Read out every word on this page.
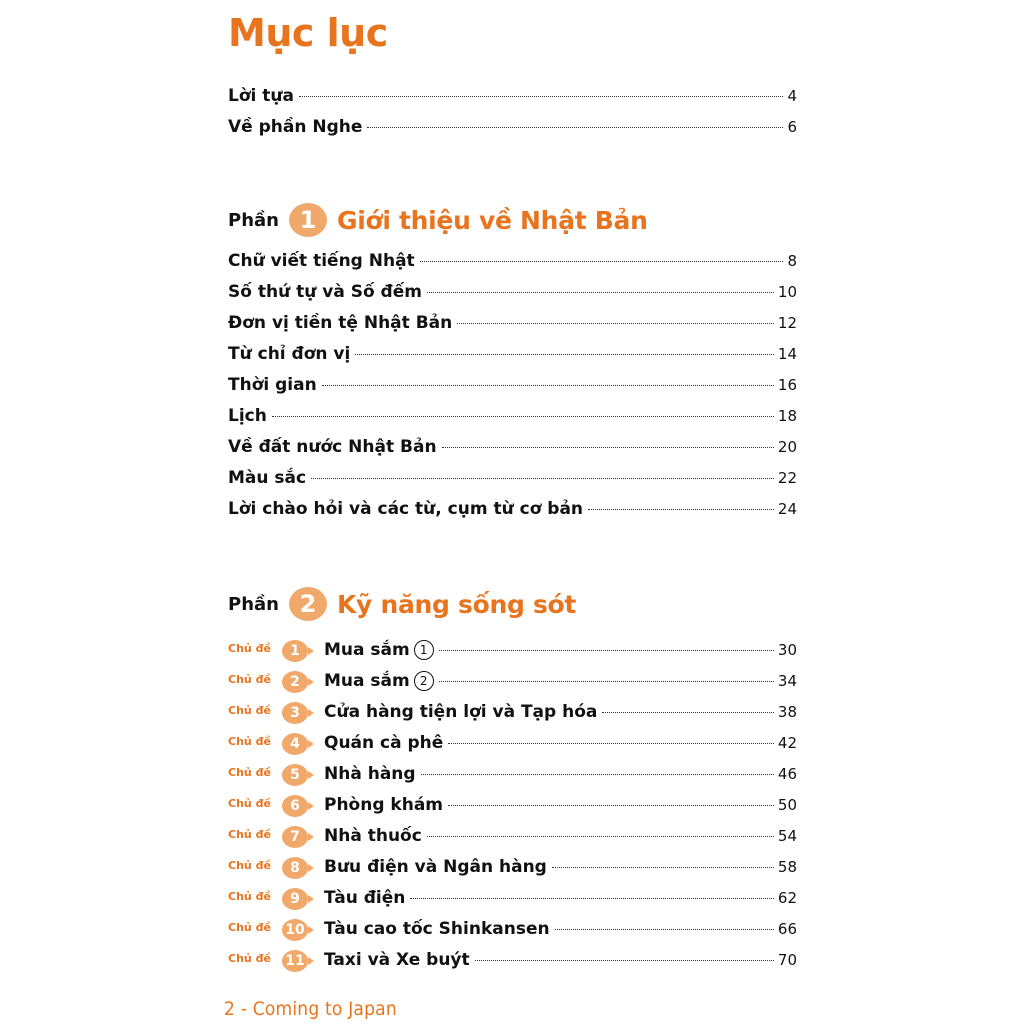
Mục lục
Lời tựa	4
Về phần Nghe	6
Phần 1 Giới thiệu về Nhật Bản
Chữ viết tiếng Nhật	8
Số thứ tự và Số đếm	10
Đơn vị tiền tệ Nhật Bản	12
Từ chỉ đơn vị	14
Thời gian	16
Lịch	18
Về đất nước Nhật Bản	20
Màu sắc	22
Lời chào hỏi và các từ, cụm từ cơ bản	24
Phần 2 Kỹ năng sống sót
Chủ đề	1	Mua sắm 1	30
Chủ đề	2	Mua sắm 2	34
Chủ đề	3	Cửa hàng tiện lợi và Tạp hóa	38
Chủ đề	4	Quán cà phê	42
Chủ đề	5	Nhà hàng	46
Chủ đề	6	Phòng khám	50
Chủ đề	7	Nhà thuốc	54
Chủ đề	8	Bưu điện và Ngân hàng	58
Chủ đề	9	Tàu điện	62
Chủ đề	10 Tàu cao tốc Shinkansen	66
Chủ đề	11 Taxi và Xe buýt	70
2 - Coming to Japan
